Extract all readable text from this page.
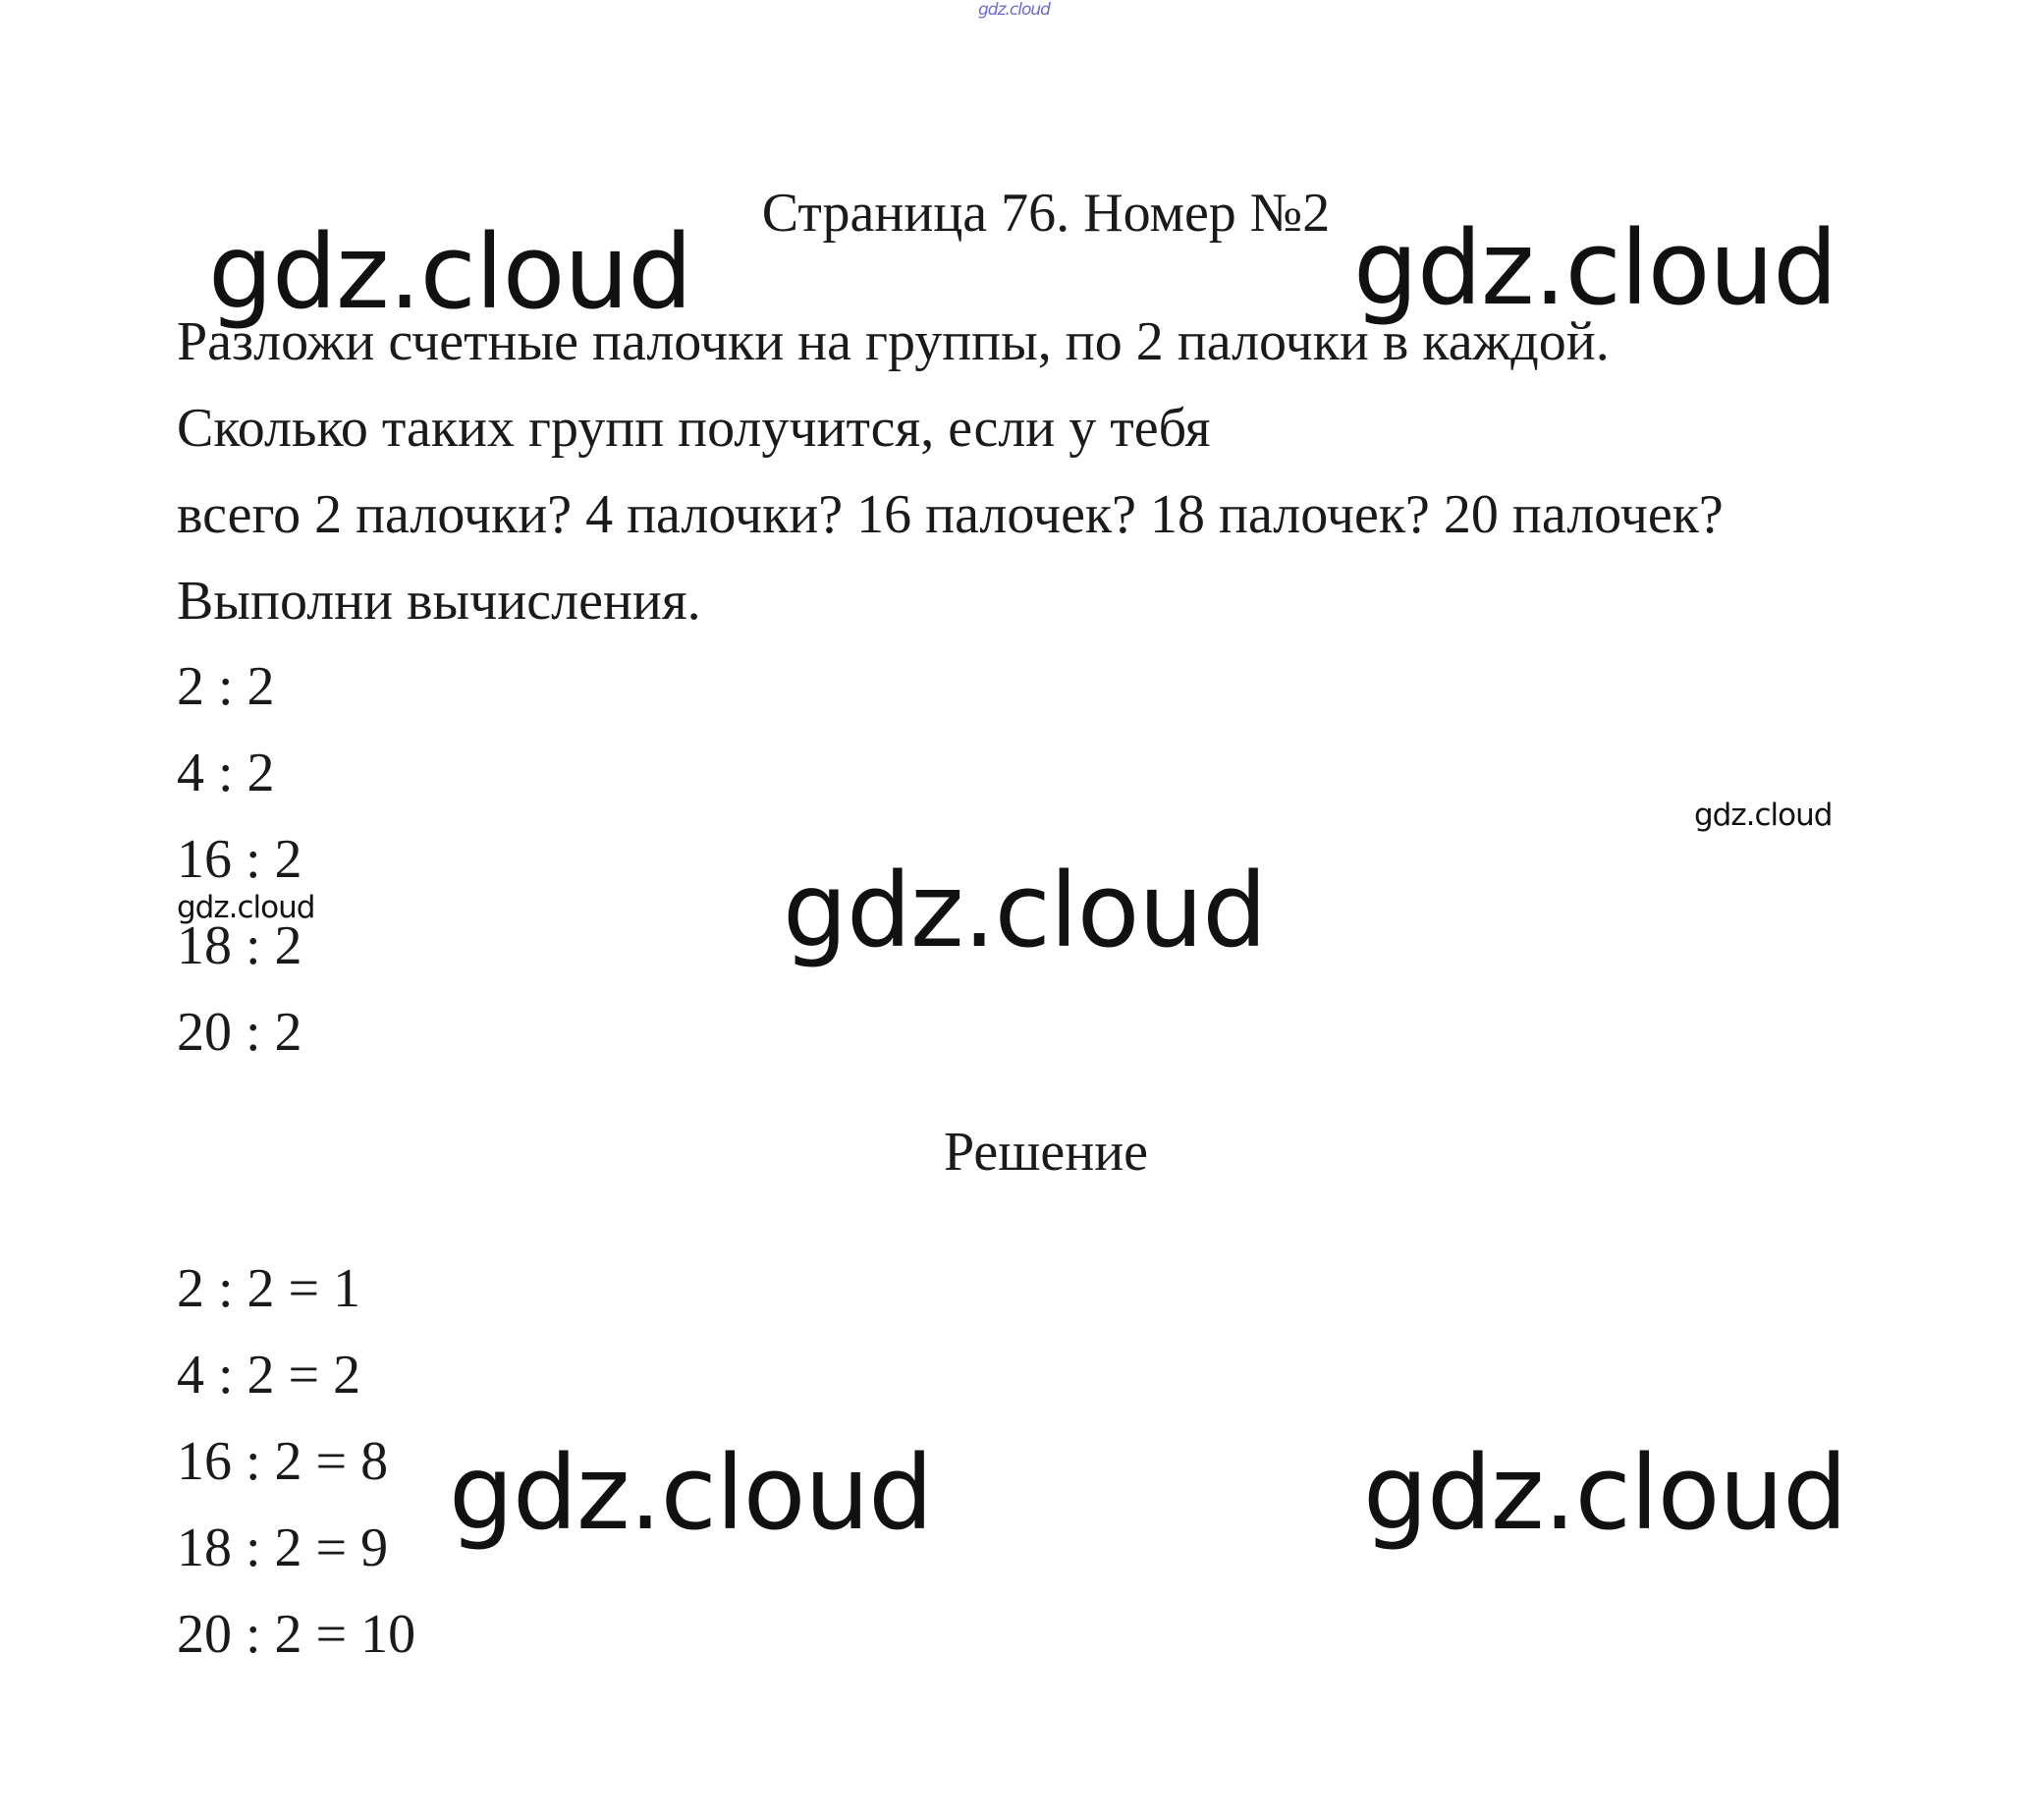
gdz.cloud
Страница 76. Номер №2

Разложи счетные палочки на группы, по 2 палочки в каждой.

Сколько таких групп получится, если у тебя

всего 2 палочки? 4 палочки? 16 палочек? 18 палочек? 20 палочек?

Выполни вычисления.

2 : 2

4 : 2

16 : 2

18 : 2

20 : 2

Решение

2 : 2 = 1

4 : 2 = 2

16 : 2 = 8

18 : 2 = 9

20 : 2 = 10

gdz.cloud	gdz.cloud
gdz.cloud
gdz.cloud	gdz.cloud
gdz.cloud	gdz.cloud
